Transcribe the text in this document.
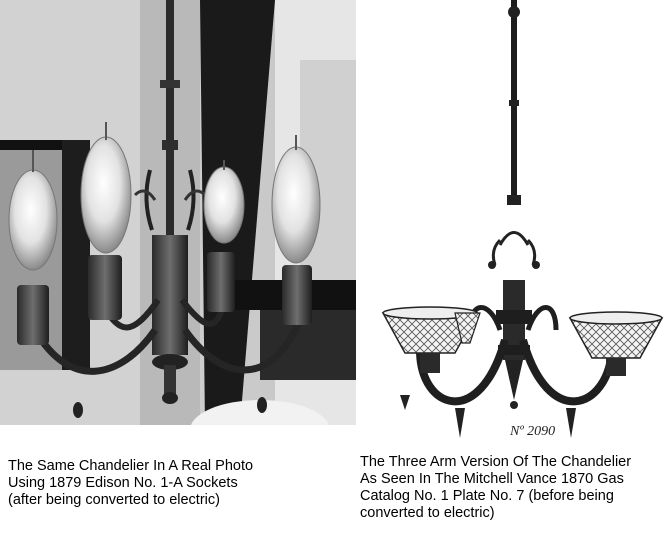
Nº 2090
The Same Chandelier In A Real Photo
Using 1879 Edison No. 1-A Sockets
(after being converted to electric)
The Three Arm Version Of The Chandelier
As Seen In The Mitchell Vance 1870 Gas
Catalog No. 1 Plate No. 7 (before being
converted to electric)
